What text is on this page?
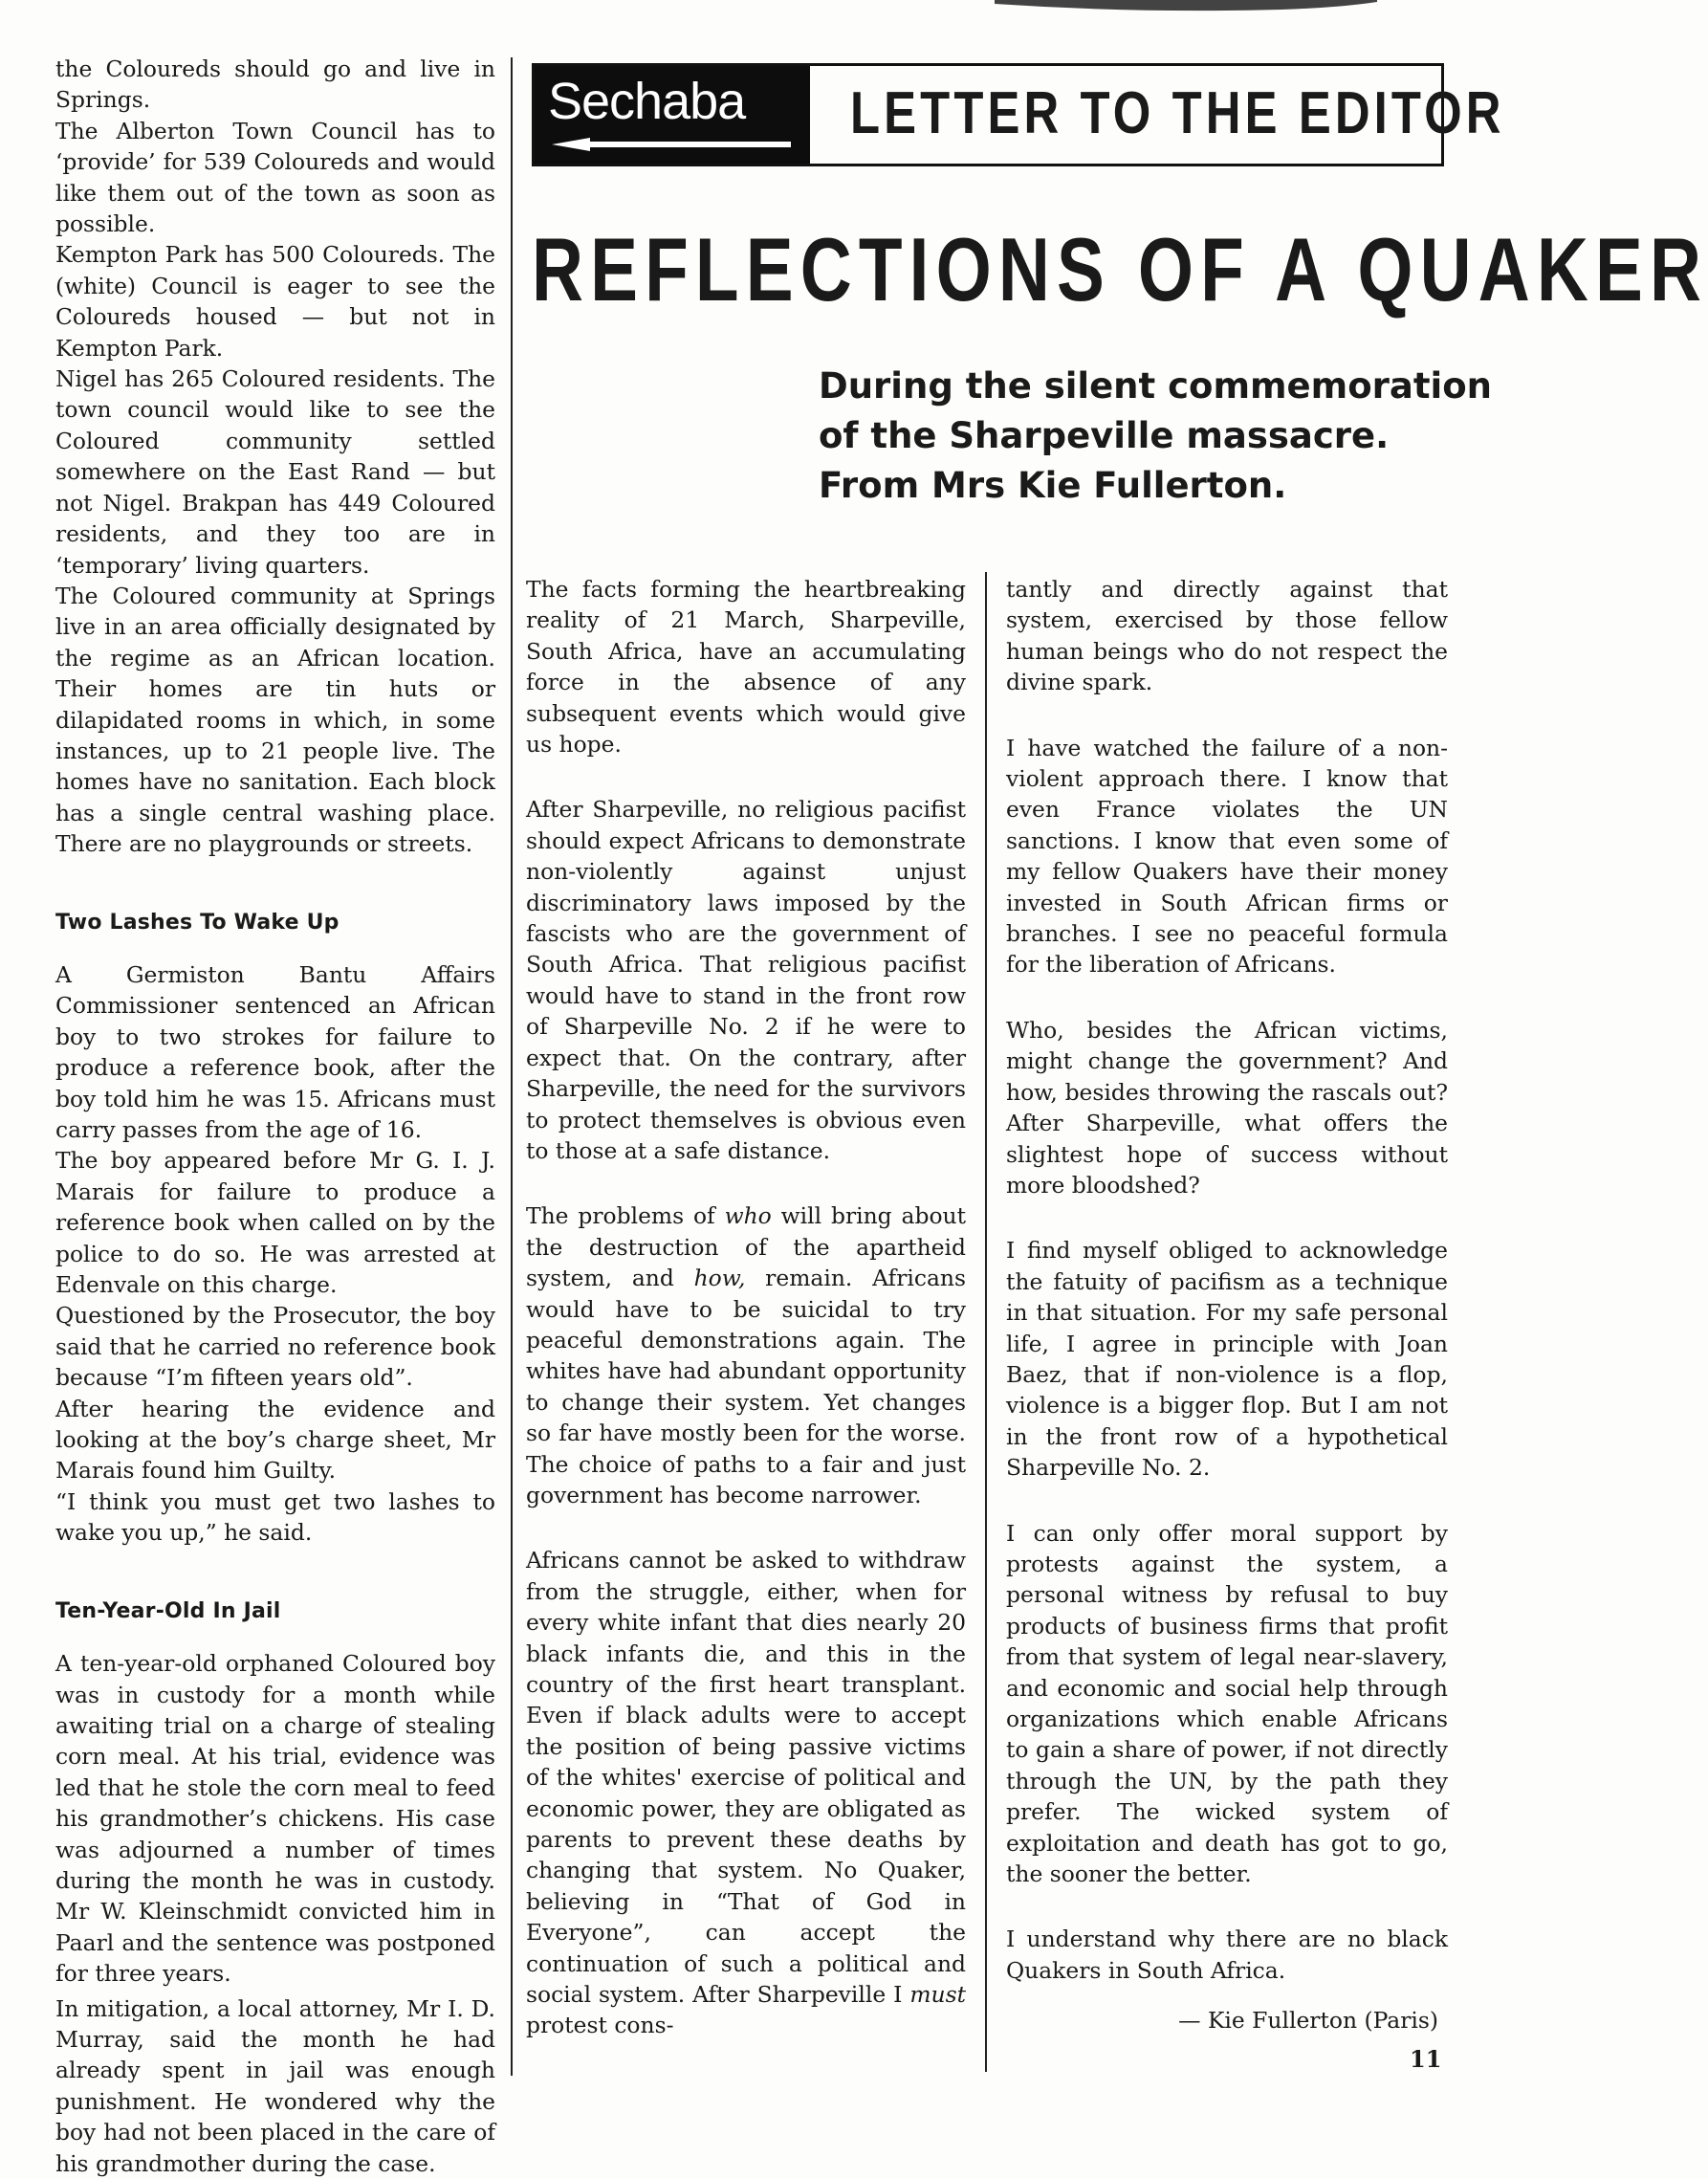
the Coloureds should go and live in Springs.

The Alberton Town Council has to ‘provide’ for 539 Coloureds and would like them out of the town as soon as possible.

Kempton Park has 500 Coloureds. The (white) Council is eager to see the Coloureds housed — but not in Kempton Park.

Nigel has 265 Coloured residents. The town council would like to see the Coloured community settled somewhere on the East Rand — but not Nigel. Brakpan has 449 Coloured residents, and they too are in ‘temporary’ living quarters.

The Coloured community at Springs live in an area officially designated by the regime as an African location. Their homes are tin huts or dilapidated rooms in which, in some instances, up to 21 people live. The homes have no sanitation. Each block has a single central washing place. There are no playgrounds or streets.

Two Lashes To Wake Up

A Germiston Bantu Affairs Commissioner sentenced an African boy to two strokes for failure to produce a reference book, after the boy told him he was 15. Africans must carry passes from the age of 16.

The boy appeared before Mr G. I. J. Marais for failure to produce a reference book when called on by the police to do so. He was arrested at Edenvale on this charge.

Questioned by the Prosecutor, the boy said that he carried no reference book because “I’m fifteen years old”.

After hearing the evidence and looking at the boy’s charge sheet, Mr Marais found him Guilty.

“I think you must get two lashes to wake you up,” he said.

Ten-Year-Old In Jail

A ten-year-old orphaned Coloured boy was in custody for a month while awaiting trial on a charge of stealing corn meal. At his trial, evidence was led that he stole the corn meal to feed his grandmother’s chickens. His case was adjourned a number of times during the month he was in custody. Mr W. Kleinschmidt convicted him in Paarl and the sentence was postponed for three years.

In mitigation, a local attorney, Mr I. D. Murray, said the month he had already spent in jail was enough punishment. He wondered why the boy had not been placed in the care of his grandmother during the case.

Sechaba LETTER TO THE EDITOR
REFLECTIONS OF A QUAKER
During the silent commemoration
of the Sharpeville massacre.
From Mrs Kie Fullerton.

The facts forming the heartbreaking reality of 21 March, Sharpeville, South Africa, have an accumulating force in the absence of any subsequent events which would give us hope.

After Sharpeville, no religious pacifist should expect Africans to demonstrate non-violently against unjust discriminatory laws imposed by the fascists who are the government of South Africa. That religious pacifist would have to stand in the front row of Sharpeville No. 2 if he were to expect that. On the contrary, after Sharpeville, the need for the survivors to protect themselves is obvious even to those at a safe distance.

The problems of who will bring about the destruction of the apartheid system, and how, remain. Africans would have to be suicidal to try peaceful demonstrations again. The whites have had abundant opportunity to change their system. Yet changes so far have mostly been for the worse. The choice of paths to a fair and just government has become narrower.

Africans cannot be asked to withdraw from the struggle, either, when for every white infant that dies nearly 20 black infants die, and this in the country of the first heart transplant. Even if black adults were to accept the position of being passive victims of the whites' exercise of political and economic power, they are obligated as parents to prevent these deaths by changing that system. No Quaker, believing in “That of God in Everyone”, can accept the continuation of such a political and social system. After Sharpeville I must protest cons-

tantly and directly against that system, exercised by those fellow human beings who do not respect the divine spark.

I have watched the failure of a non-violent approach there. I know that even France violates the UN sanctions. I know that even some of my fellow Quakers have their money invested in South African firms or branches. I see no peaceful formula for the liberation of Africans.

Who, besides the African victims, might change the government? And how, besides throwing the rascals out? After Sharpeville, what offers the slightest hope of success without more bloodshed?

I find myself obliged to acknowledge the fatuity of pacifism as a technique in that situation. For my safe personal life, I agree in principle with Joan Baez, that if non-violence is a flop, violence is a bigger flop. But I am not in the front row of a hypothetical Sharpeville No. 2.

I can only offer moral support by protests against the system, a personal witness by refusal to buy products of business firms that profit from that system of legal near-slavery, and economic and social help through organizations which enable Africans to gain a share of power, if not directly through the UN, by the path they prefer. The wicked system of exploitation and death has got to go, the sooner the better.

I understand why there are no black Quakers in South Africa.

— Kie Fullerton (Paris)
11
